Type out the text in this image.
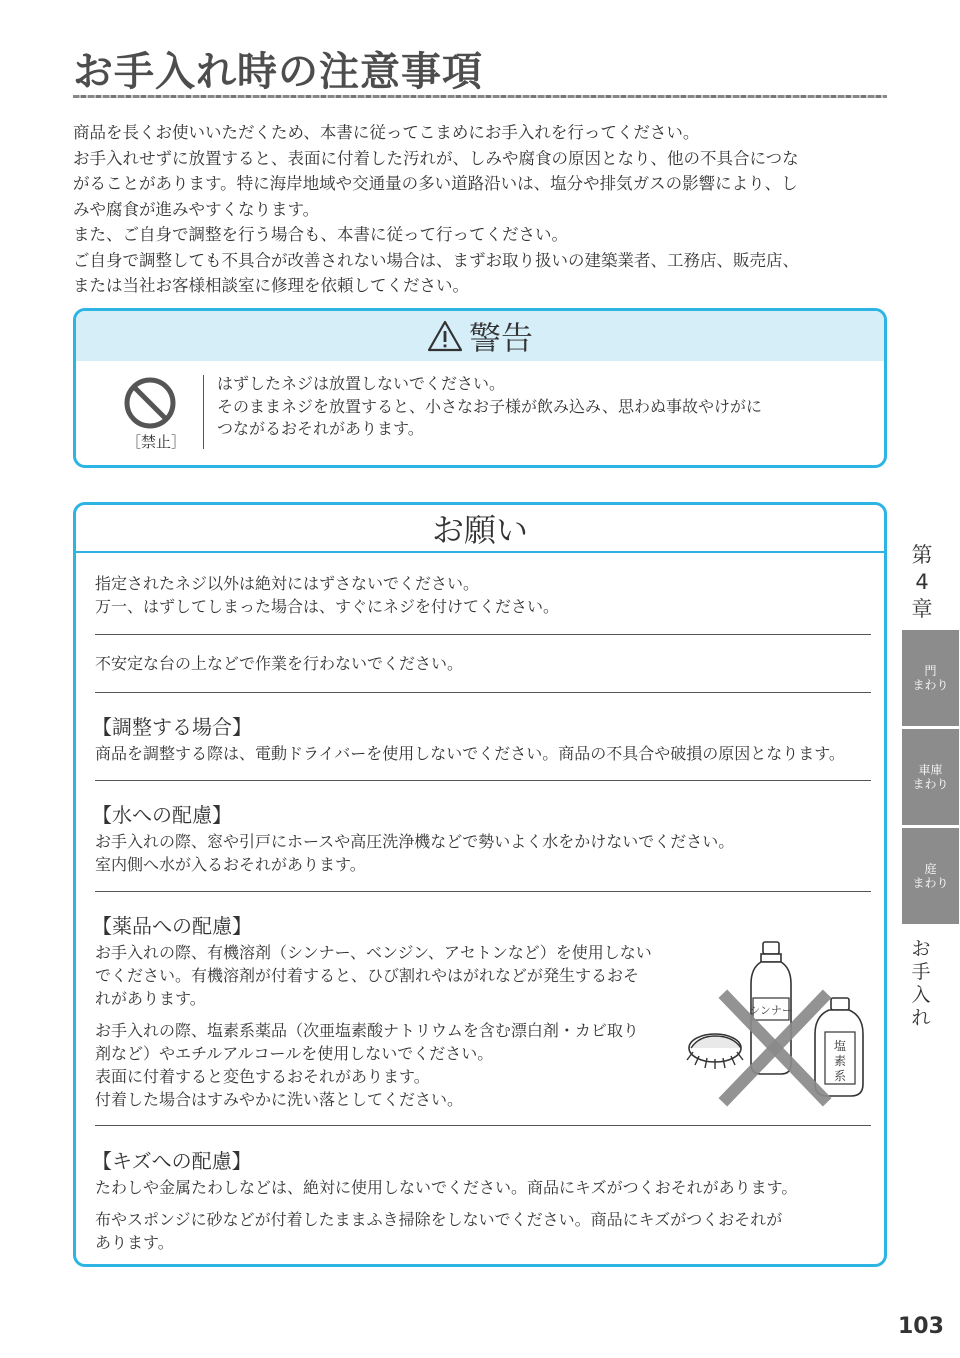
お手入れ時の注意事項

商品を長くお使いいただくため、本書に従ってこまめにお手入れを行ってください。

お手入れせずに放置すると、表面に付着した汚れが、しみや腐食の原因となり、他の不具合につな

がることがあります。特に海岸地域や交通量の多い道路沿いは、塩分や排気ガスの影響により、し

みや腐食が進みやすくなります。

また、ご自身で調整を行う場合も、本書に従って行ってください。

ご自身で調整しても不具合が改善されない場合は、まずお取り扱いの建築業者、工務店、販売店、

または当社お客様相談室に修理を依頼してください。

警告
［禁止］

はずしたネジは放置しないでください。

そのままネジを放置すると、小さなお子様が飲み込み、思わぬ事故やけがに

つながるおそれがあります。

お願い

指定されたネジ以外は絶対にはずさないでください。

万一、はずしてしまった場合は、すぐにネジを付けてください。

不安定な台の上などで作業を行わないでください。

【調整する場合】

商品を調整する際は、電動ドライバーを使用しないでください。商品の不具合や破損の原因となります。

【水への配慮】

お手入れの際、窓や引戸にホースや高圧洗浄機などで勢いよく水をかけないでください。

室内側へ水が入るおそれがあります。

【薬品への配慮】

お手入れの際、有機溶剤（シンナー、ベンジン、アセトンなど）を使用しない

でください。有機溶剤が付着すると、ひび割れやはがれなどが発生するおそ

れがあります。

お手入れの際、塩素系薬品（次亜塩素酸ナトリウムを含む漂白剤・カビ取り

剤など）やエチルアルコールを使用しないでください。

表面に付着すると変色するおそれがあります。

付着した場合はすみやかに洗い落としてください。

【キズへの配慮】

たわしや金属たわしなどは、絶対に使用しないでください。商品にキズがつくおそれがあります。

布やスポンジに砂などが付着したままふき掃除をしないでください。商品にキズがつくおそれが

あります。

シンナー
塩
素
系
第
4
章
門
まわり
車庫
まわり
庭
まわり
お
手
入
れ
103
